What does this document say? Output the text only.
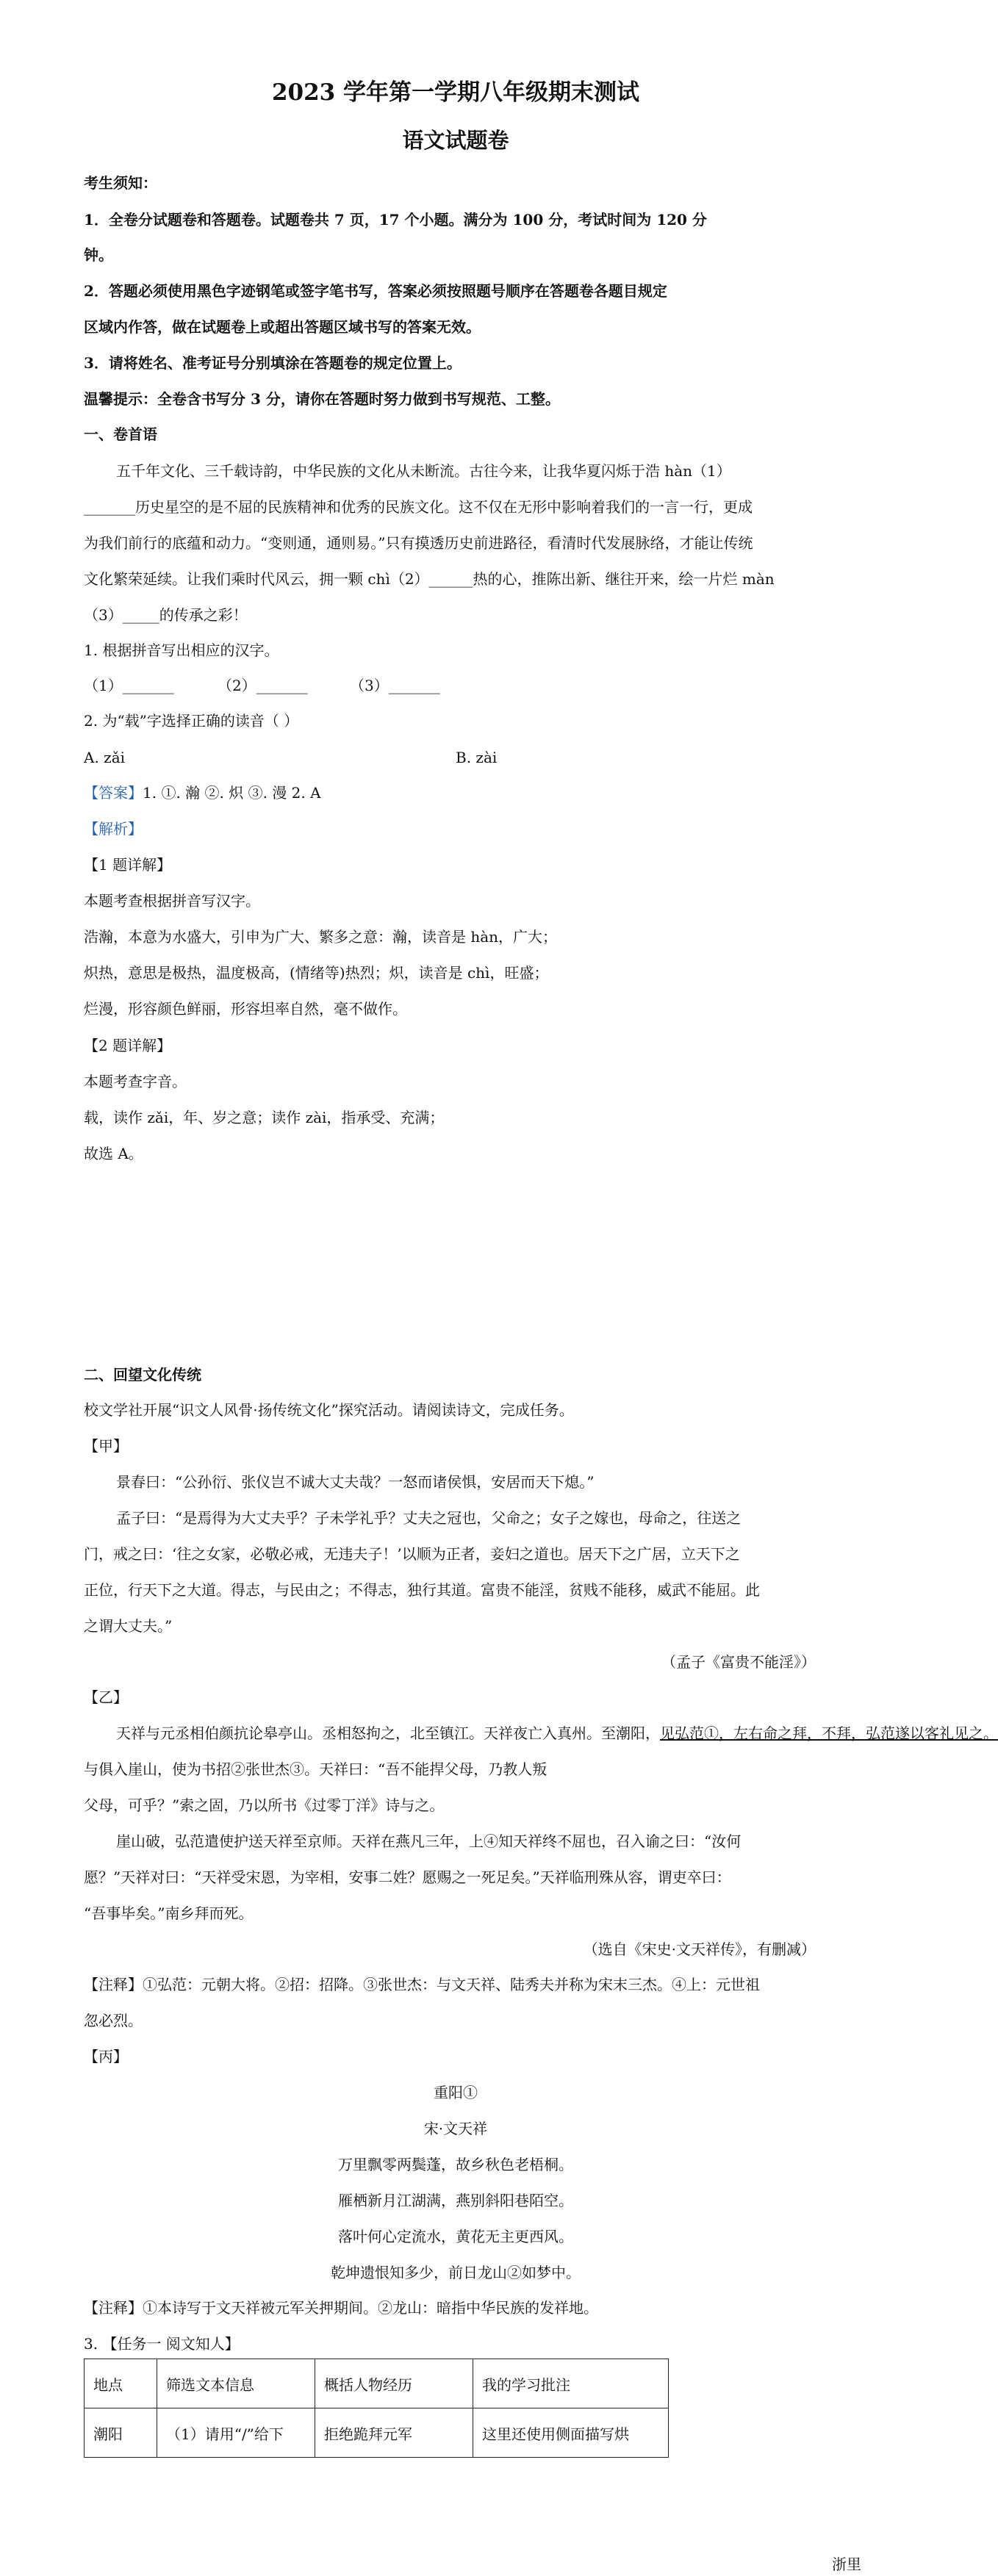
2023 学年第一学期八年级期末测试
语文试题卷
考生须知：
1．全卷分试题卷和答题卷。试题卷共 7 页，17 个小题。满分为 100 分，考试时间为 120 分
钟。
2．答题必须使用黑色字迹钢笔或签字笔书写，答案必须按照题号顺序在答题卷各题目规定
区域内作答，做在试题卷上或超出答题区域书写的答案无效。
3．请将姓名、准考证号分别填涂在答题卷的规定位置上。
温馨提示：全卷含书写分 3 分，请你在答题时努力做到书写规范、工整。
一、卷首语
五千年文化、三千载诗韵，中华民族的文化从未断流。古往今来，让我华夏闪烁于浩 hàn（1）
_______历史星空的是不屈的民族精神和优秀的民族文化。这不仅在无形中影响着我们的一言一行，更成
为我们前行的底蕴和动力。“变则通，通则易。”只有摸透历史前进路径，看清时代发展脉络，才能让传统
文化繁荣延续。让我们乘时代风云，拥一颗 chì（2）______热的心，推陈出新、继往开来，绘一片烂 màn
（3）_____的传承之彩！
1. 根据拼音写出相应的汉字。
（1）_______	（2）_______	（3）_______
2. 为“载”字选择正确的读音（ ）
A. zǎi	B. zài
【答案】1. ①. 瀚 ②. 炽 ③. 漫 2. A
【解析】
【1 题详解】
本题考查根据拼音写汉字。
浩瀚，本意为水盛大，引申为广大、繁多之意：瀚，读音是 hàn，广大；
炽热，意思是极热，温度极高，(情绪等)热烈；炽，读音是 chì，旺盛；
烂漫，形容颜色鲜丽，形容坦率自然，毫不做作。
【2 题详解】
本题考查字音。
载，读作 zǎi，年、岁之意；读作 zài，指承受、充满；
故选 A。
二、回望文化传统
校文学社开展“识文人风骨·扬传统文化”探究活动。请阅读诗文，完成任务。
【甲】
景春曰：“公孙衍、张仪岂不诚大丈夫哉？一怒而诸侯惧，安居而天下熄。”
孟子曰：“是焉得为大丈夫乎？子未学礼乎？丈夫之冠也，父命之；女子之嫁也，母命之，往送之
门，戒之曰：‘往之女家，必敬必戒，无违夫子！’以顺为正者，妾妇之道也。居天下之广居，立天下之
正位，行天下之大道。得志，与民由之；不得志，独行其道。富贵不能淫，贫贱不能移，威武不能屈。此
之谓大丈夫。”
（孟子《富贵不能淫》）
【乙】
天祥与元丞相伯颜抗论皋亭山。丞相怒拘之，北至镇江。天祥夜亡入真州。至潮阳，见弘范①，左右命之拜，不拜，弘范遂以客礼见之。
与俱入崖山，使为书招②张世杰③。天祥曰：“吾不能捍父母，乃教人叛
父母，可乎？”索之固，乃以所书《过零丁洋》诗与之。
崖山破，弘范遣使护送天祥至京师。天祥在燕凡三年，上④知天祥终不屈也，召入谕之曰：“汝何
愿？”天祥对曰：“天祥受宋恩，为宰相，安事二姓？愿赐之一死足矣。”天祥临刑殊从容，谓吏卒曰：
“吾事毕矣。”南乡拜而死。
（选自《宋史·文天祥传》，有删减）
【注释】①弘范：元朝大将。②招：招降。③张世杰：与文天祥、陆秀夫并称为宋末三杰。④上：元世祖
忽必烈。
【丙】
重阳①
宋·文天祥
万里飘零两鬓蓬，故乡秋色老梧桐。
雁栖新月江湖满，燕别斜阳巷陌空。
落叶何心定流水，黄花无主更西风。
乾坤遗恨知多少，前日龙山②如梦中。
【注释】①本诗写于文天祥被元军关押期间。②龙山：暗指中华民族的发祥地。
3. 【任务一 阅文知人】
地点	筛选文本信息	概括人物经历	我的学习批注
潮阳	（1）请用“/”给下	拒绝跪拜元军	这里还使用侧面描写烘
浙里
